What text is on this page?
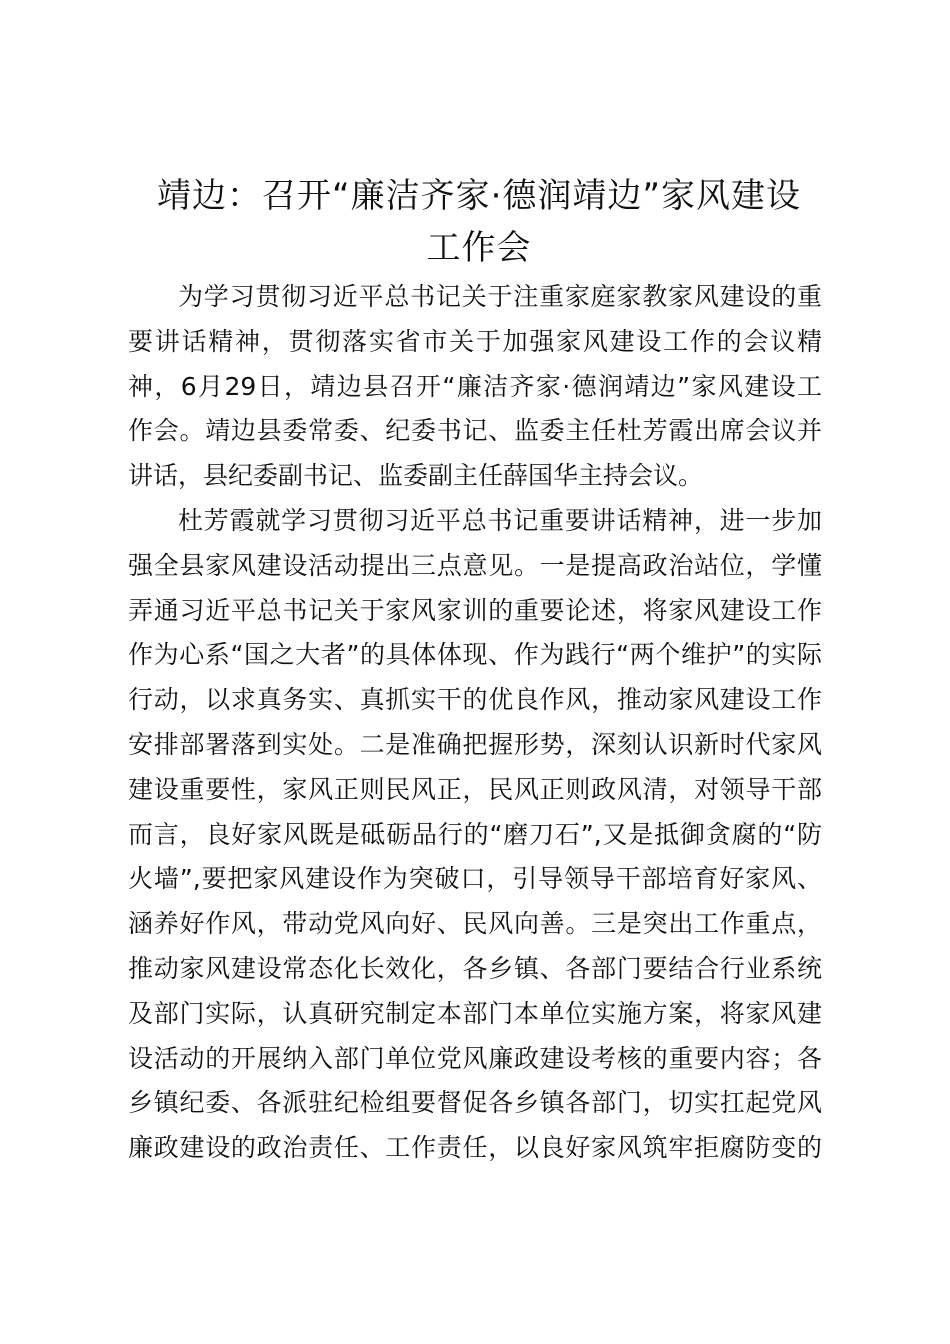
靖边：召开“廉洁齐家·德润靖边”家风建设
工作会

为学习贯彻习近平总书记关于注重家庭家教家风建设的重
要讲话精神，贯彻落实省市关于加强家风建设工作的会议精
神，6月29日，靖边县召开“廉洁齐家·德润靖边”家风建设工
作会。靖边县委常委、纪委书记、监委主任杜芳霞出席会议并
讲话，县纪委副书记、监委副主任薛国华主持会议。

杜芳霞就学习贯彻习近平总书记重要讲话精神，进一步加
强全县家风建设活动提出三点意见。一是提高政治站位，学懂
弄通习近平总书记关于家风家训的重要论述，将家风建设工作
作为心系“国之大者”的具体体现、作为践行“两个维护”的实际
行动，以求真务实、真抓实干的优良作风，推动家风建设工作
安排部署落到实处。二是准确把握形势，深刻认识新时代家风
建设重要性，家风正则民风正，民风正则政风清，对领导干部
而言，良好家风既是砥砺品行的“磨刀石”,又是抵御贪腐的“防
火墙”,要把家风建设作为突破口，引导领导干部培育好家风、
涵养好作风，带动党风向好、民风向善。三是突出工作重点，
推动家风建设常态化长效化，各乡镇、各部门要结合行业系统
及部门实际，认真研究制定本部门本单位实施方案，将家风建
设活动的开展纳入部门单位党风廉政建设考核的重要内容；各
乡镇纪委、各派驻纪检组要督促各乡镇各部门，切实扛起党风
廉政建设的政治责任、工作责任，以良好家风筑牢拒腐防变的
